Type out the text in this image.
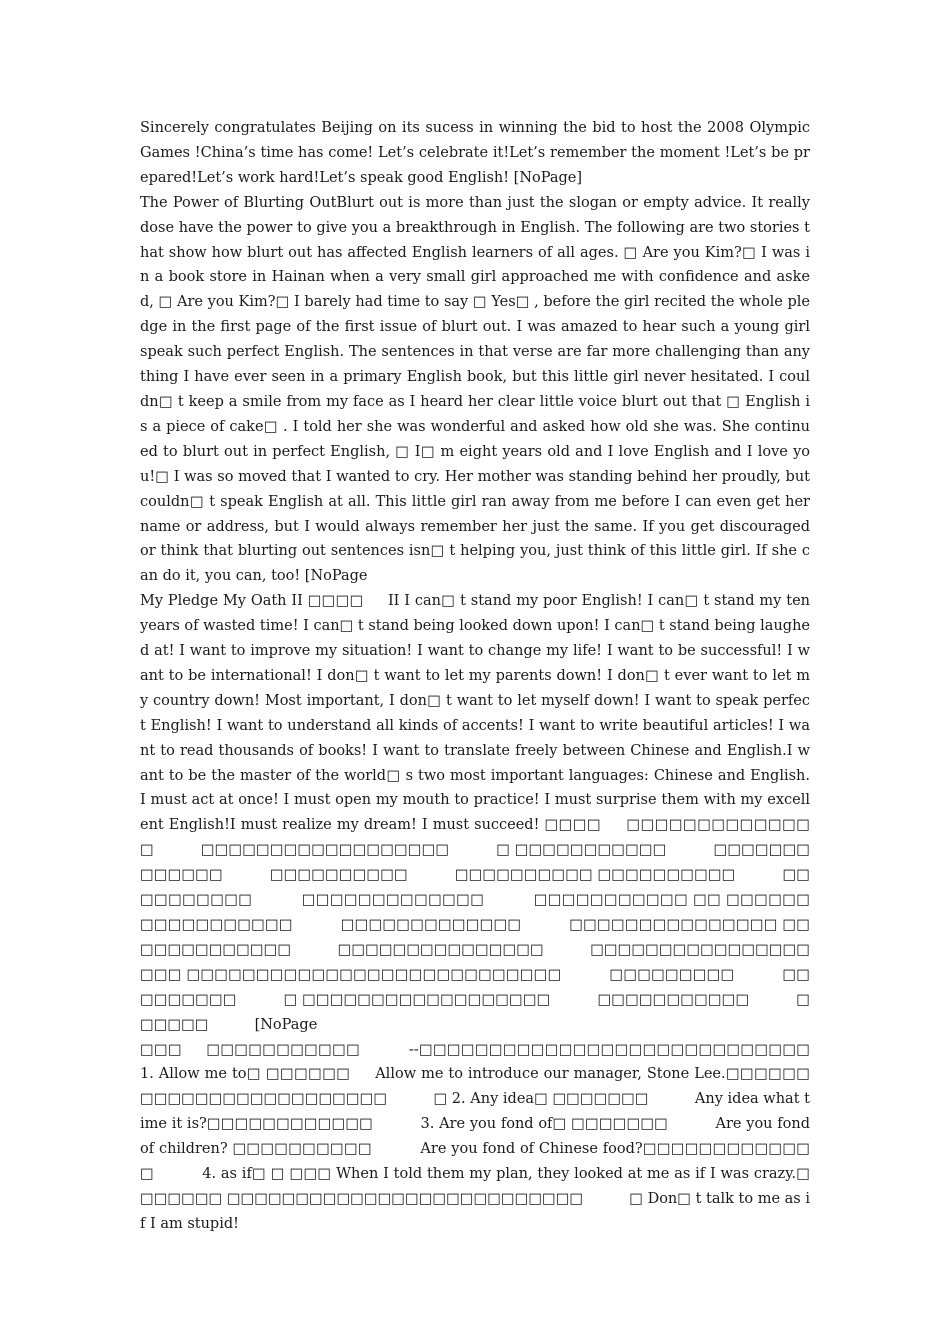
Sincerely congratulates Beijing on its sucess in winning the bid to host the 2008 Olympic Games !China’s time has come! Let’s celebrate it!Let’s remember the moment !Let’s be prepared!Let’s work hard!Let’s speak good English! [NoPage]

The Power of Blurting OutBlurt out is more than just the slogan or empty advice. It really dose have the power to give you a breakthrough in English. The following are two stories that show how blurt out has affected English learners of all ages. □ Are you Kim?□ I was in a book store in Hainan when a very small girl approached me with confidence and asked, □ Are you Kim?□ I barely had time to say □ Yes□ , before the girl recited the whole pledge in the first page of the first issue of blurt out. I was amazed to hear such a young girl speak such perfect English. The sentences in that verse are far more challenging than anything I have ever seen in a primary English book, but this little girl never hesitated. I couldn□ t keep a smile from my face as I heard her clear little voice blurt out that □ English is a piece of cake□ . I told her she was wonderful and asked how old she was. She continued to blurt out in perfect English, □ I□ m eight years old and I love English and I love you!□ I was so moved that I wanted to cry. Her mother was standing behind her proudly, but couldn□ t speak English at all. This little girl ran away from me before I can even get her name or address, but I would always remember her just the same. If you get discouraged or think that blurting out sentences isn□ t helping you, just think of this little girl. If she can do it, you can, too! [NoPage

My Pledge My Oath II □□□□     II I can□ t stand my poor English! I can□ t stand my ten years of wasted time! I can□ t stand being looked down upon! I can□ t stand being laughed at! I want to improve my situation! I want to change my life! I want to be successful! I want to be international! I don□ t want to let my parents down! I don□ t ever want to let my country down! Most important, I don□ t want to let myself down! I want to speak perfect English! I want to understand all kinds of accents! I want to write beautiful articles! I want to read thousands of books! I want to translate freely between Chinese and English.I want to be the master of the world□ s two most important languages: Chinese and English. I must act at once! I must open my mouth to practice! I must surprise them with my excellent English!I must realize my dream! I must succeed! □□□□     □□□□□□□□□□□□□□          □□□□□□□□□□□□□□□□□□          □ □□□□□□□□□□□          □□□□□□□□□□□□□          □□□□□□□□□□          □□□□□□□□□□ □□□□□□□□□□          □□□□□□□□□□          □□□□□□□□□□□□□          □□□□□□□□□□□ □□ □□□□□□     □□□□□□□□□□□          □□□□□□□□□□□□□          □□□□□□□□□□□□□□□ □□□□□□□□□□□□□          □□□□□□□□□□□□□□□          □□□□□□□□□□□□□□□□□□□ □□□□□□□□□□□□□□□□□□□□□□□□□□□          □□□□□□□□□          □□□□□□□□□          □ □□□□□□□□□□□□□□□□□□          □□□□□□□□□□□          □□□□□□          [NoPage

□□□     □□□□□□□□□□□          --□□□□□□□□□□□□□□□□□□□□□□□□□□□□          1. Allow me to□ □□□□□□     Allow me to introduce our manager, Stone Lee.□□□□□□ □□□□□□□□□□□□□□□□□□          □ 2. Any idea□ □□□□□□□          Any idea what time it is?□□□□□□□□□□□□          3. Are you fond of□ □□□□□□□          Are you fond of children? □□□□□□□□□□          Are you fond of Chinese food?□□□□□□□□□□□□□          4. as if□ □ □□□ When I told them my plan, they looked at me as if I was crazy.□□□□□□□ □□□□□□□□□□□□□□□□□□□□□□□□□□          □ Don□ t talk to me as if I am stupid!
